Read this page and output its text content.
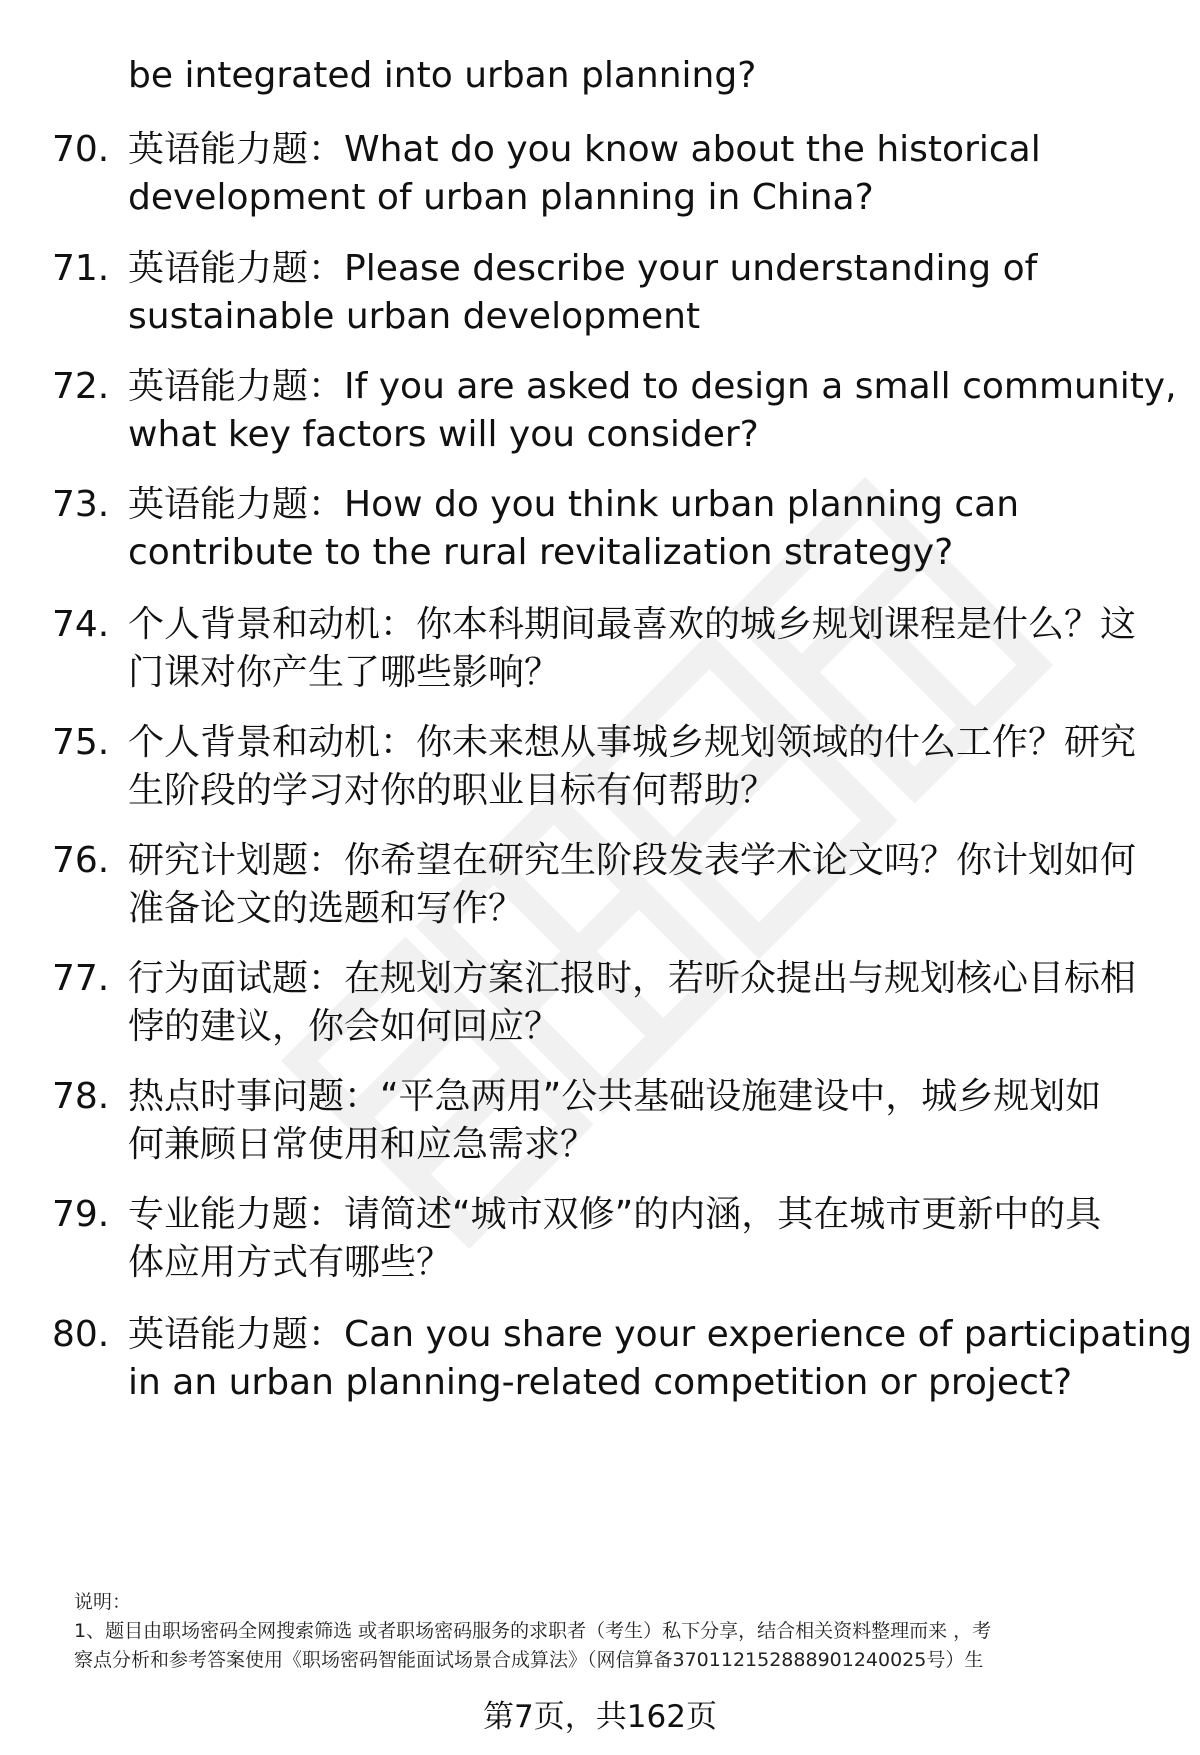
be integrated into urban planning?
70. 英语能力题：What do you know about the historical
development of urban planning in China?
71. 英语能力题：Please describe your understanding of
sustainable urban development
72. 英语能力题：If you are asked to design a small community,
what key factors will you consider?
73. 英语能力题：How do you think urban planning can
contribute to the rural revitalization strategy?
74. 个人背景和动机：你本科期间最喜欢的城乡规划课程是什么？这
门课对你产生了哪些影响？
75. 个人背景和动机：你未来想从事城乡规划领域的什么工作？研究
生阶段的学习对你的职业目标有何帮助？
76. 研究计划题：你希望在研究生阶段发表学术论文吗？你计划如何
准备论文的选题和写作？
77. 行为面试题：在规划方案汇报时，若听众提出与规划核心目标相
悖的建议，你会如何回应？
78. 热点时事问题：“平急两用”公共基础设施建设中，城乡规划如
何兼顾日常使用和应急需求？
79. 专业能力题：请简述“城市双修”的内涵，其在城市更新中的具
体应用方式有哪些？
80. 英语能力题：Can you share your experience of participating
in an urban planning-related competition or project?
说明：
1、题目由职场密码全网搜索筛选 或者职场密码服务的求职者（考生）私下分享，结合相关资料整理而来 ，考
察点分析和参考答案使用《职场密码智能面试场景合成算法》（网信算备370112152888901240025号）生
第7页，共162页
